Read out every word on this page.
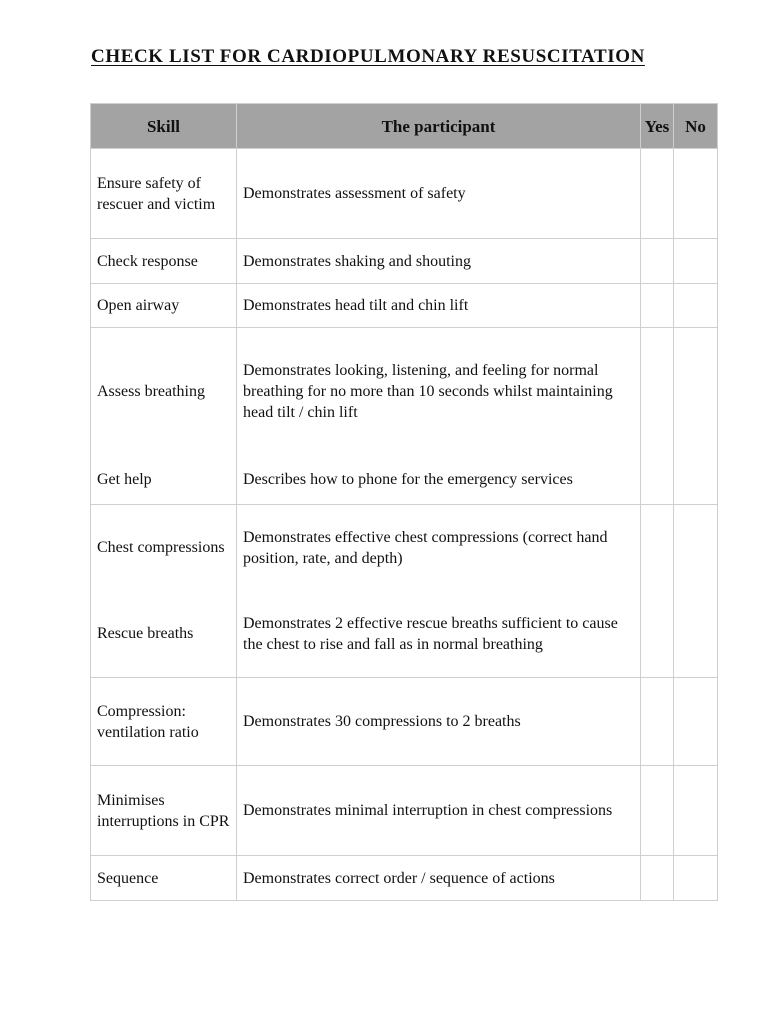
CHECK LIST FOR CARDIOPULMONARY RESUSCITATION
Skill	The participant	Yes	No
Ensure safety of rescuer and victim	Demonstrates assessment of safety		
Check response	Demonstrates shaking and shouting		
Open airway	Demonstrates head tilt and chin lift		
Assess breathing	Demonstrates looking, listening, and feeling for normal breathing for no more than 10 seconds whilst maintaining head tilt / chin lift		
Get help	Describes how to phone for the emergency services		
Chest compressions	Demonstrates effective chest compressions (correct hand position, rate, and depth)		
Rescue breaths	Demonstrates 2 effective rescue breaths sufficient to cause the chest to rise and fall as in normal breathing		
Compression: ventilation ratio	Demonstrates 30 compressions to 2 breaths		
Minimises interruptions in CPR	Demonstrates minimal interruption in chest compressions		
Sequence	Demonstrates correct order / sequence of actions		
